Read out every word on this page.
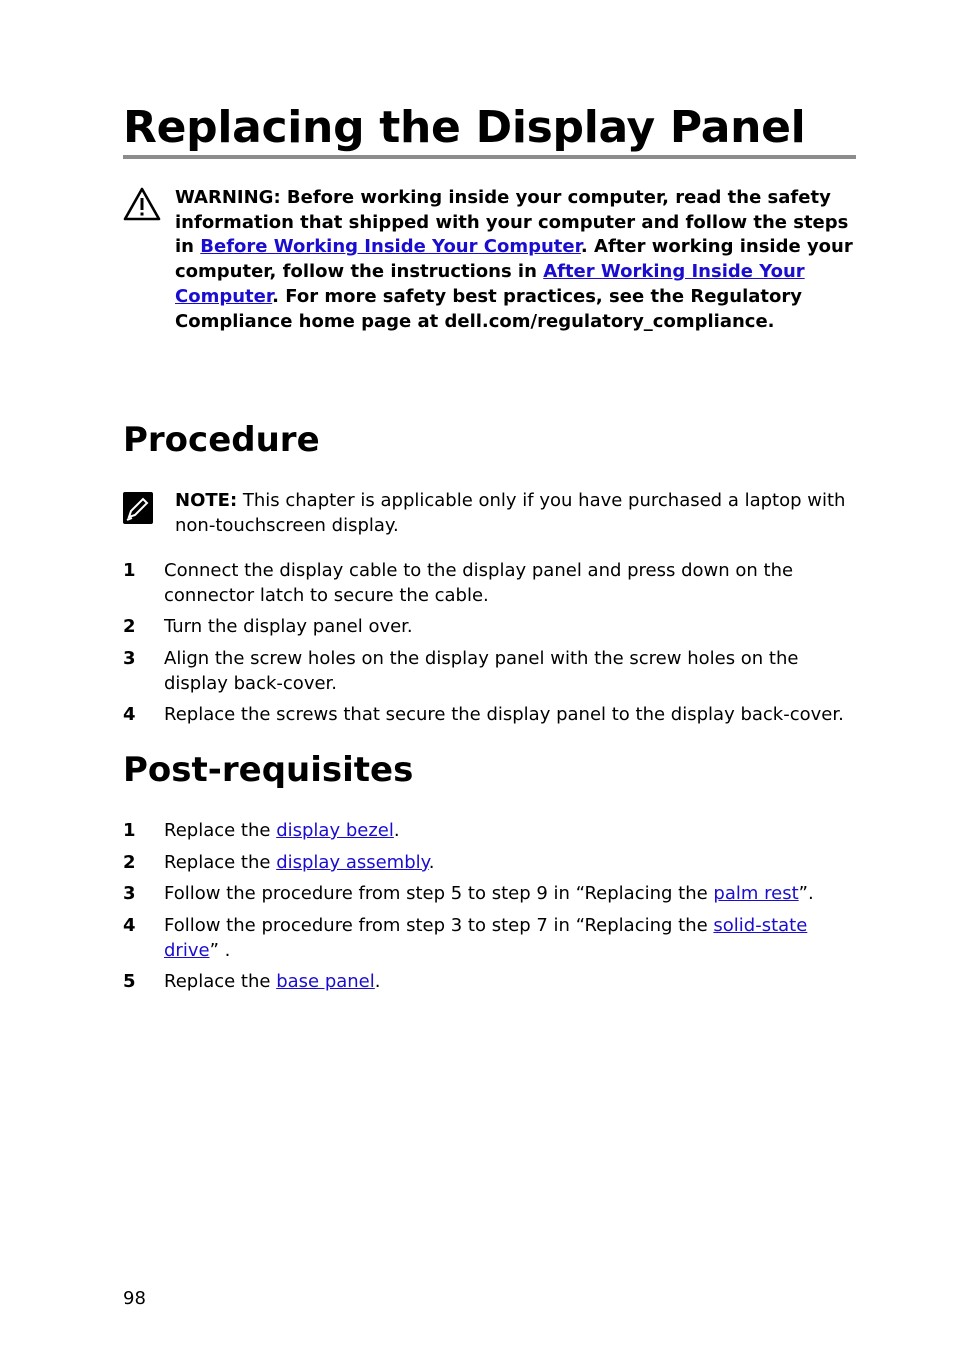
Replacing the Display Panel
WARNING: Before working inside your computer, read the safety information that shipped with your computer and follow the steps in Before Working Inside Your Computer. After working inside your computer, follow the instructions in After Working Inside Your Computer. For more safety best practices, see the Regulatory Compliance home page at dell.com/regulatory_compliance.
Procedure
NOTE: This chapter is applicable only if you have purchased a laptop with non-touchscreen display.
1 Connect the display cable to the display panel and press down on the connector latch to secure the cable.
2 Turn the display panel over.
3 Align the screw holes on the display panel with the screw holes on the display back-cover.
4 Replace the screws that secure the display panel to the display back-cover.
Post-requisites
1 Replace the display bezel.
2 Replace the display assembly.
3 Follow the procedure from step 5 to step 9 in “Replacing the palm rest”.
4 Follow the procedure from step 3 to step 7 in “Replacing the solid-state drive” .
5 Replace the base panel.
98
